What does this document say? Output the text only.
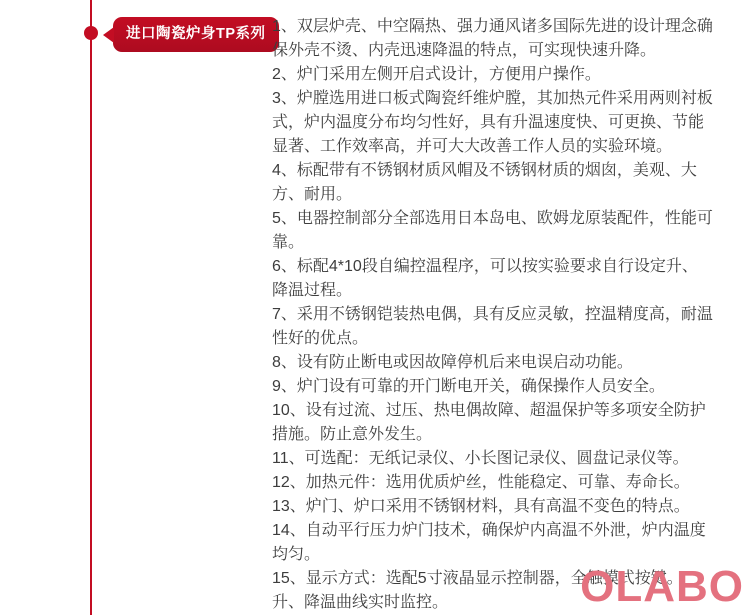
进口陶瓷炉身TP系列 1、双层炉壳、中空隔热、强力通风诸多国际先进的设计理念确保外壳不烫、内壳迅速降温的特点，可实现快速升降。
2、炉门采用左侧开启式设计，方便用户操作。
3、炉膛选用进口板式陶瓷纤维炉膛，其加热元件采用两则衬板式，炉内温度分布均匀性好，具有升温速度快、可更换、节能显著、工作效率高，并可大大改善工作人员的实验环境。
4、标配带有不锈钢材质风帽及不锈钢材质的烟囱，美观、大方、耐用。
5、电器控制部分全部选用日本岛电、欧姆龙原装配件，性能可靠。
6、标配4*10段自编控温程序，可以按实验要求自行设定升、降温过程。
7、采用不锈钢铠装热电偶，具有反应灵敏，控温精度高，耐温性好的优点。
8、设有防止断电或因故障停机后来电误启动功能。
9、炉门设有可靠的开门断电开关，确保操作人员安全。
10、设有过流、过压、热电偶故障、超温保护等多项安全防护措施。防止意外发生。
11、可选配：无纸记录仪、小长图记录仪、圆盘记录仪等。
12、加热元件：选用优质炉丝，性能稳定、可靠、寿命长。
13、炉门、炉口采用不锈钢材料，具有高温不变色的特点。
14、自动平行压力炉门技术，确保炉内高温不外泄，炉内温度均匀。
15、显示方式：选配5寸液晶显示控制器，全触摸式按键。升、降温曲线实时监控。	OLABO
